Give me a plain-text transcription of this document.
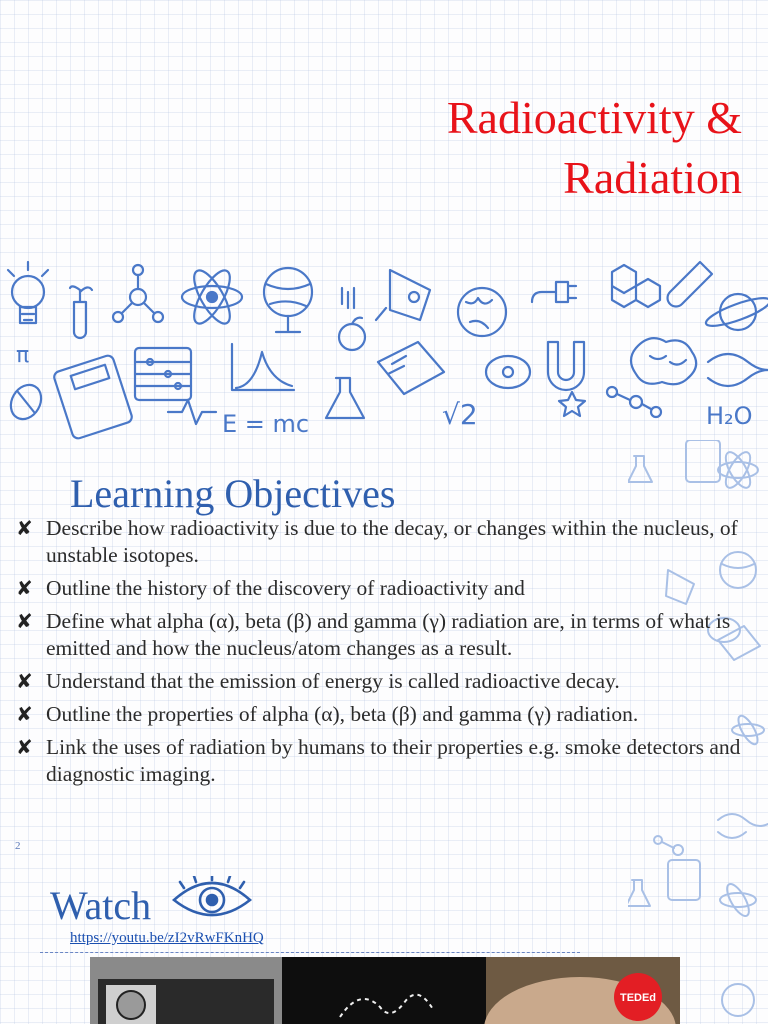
Radioactivity &
Radiation
E = mc	√2	H₂O
π
Learning Objectives
✘ Describe how radioactivity is due to the decay, or changes within the nucleus, of unstable isotopes.
✘ Outline the history of the discovery of radioactivity and
✘ Define what alpha (α), beta (β) and gamma (γ) radiation are, in terms of what is emitted and how the nucleus/atom changes as a result.
✘ Understand that the emission of energy is called radioactive decay.
✘ Outline the properties of alpha (α), beta (β) and gamma (γ) radiation.
✘ Link the uses of radiation by humans to their properties e.g. smoke detectors and diagnostic imaging.
2
Watch
https://youtu.be/zI2vRwFKnHQ
TEDEd
